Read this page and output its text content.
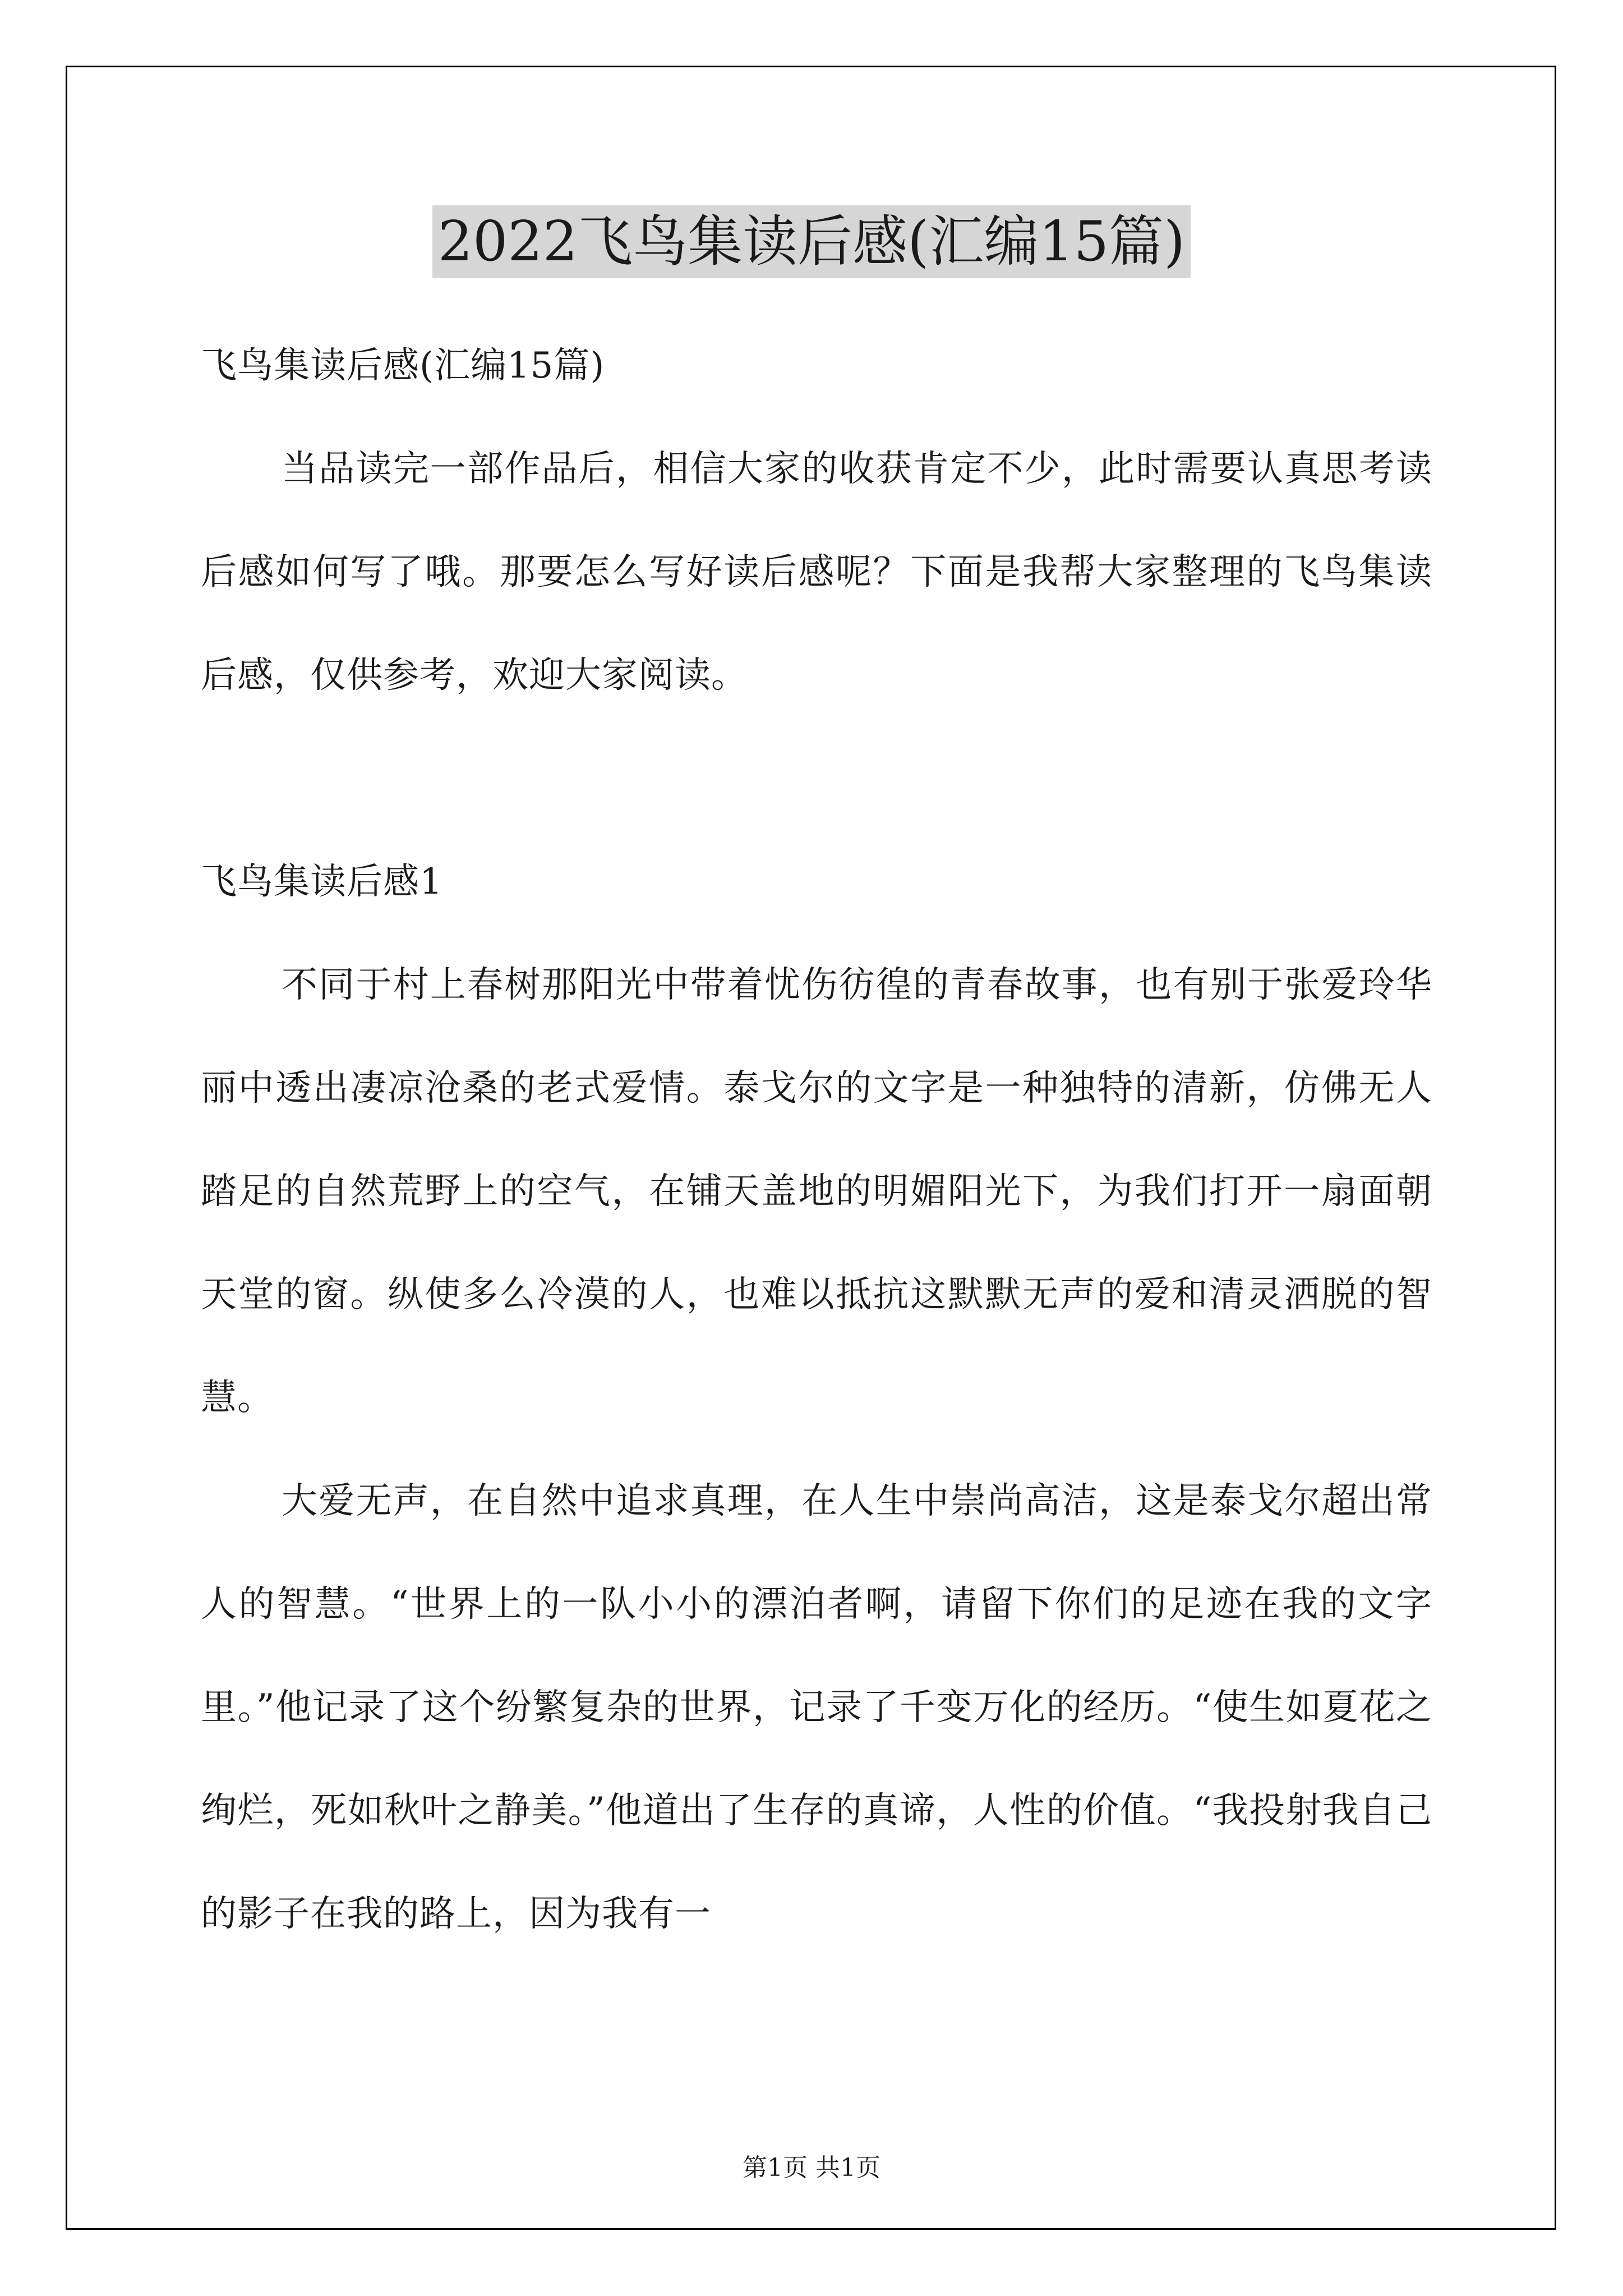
2022飞鸟集读后感(汇编15篇)

飞鸟集读后感(汇编15篇)

当品读完一部作品后，相信大家的收获肯定不少，此时需要认真思考读后感如何写了哦。那要怎么写好读后感呢？下面是我帮大家整理的飞鸟集读后感，仅供参考，欢迎大家阅读。

飞鸟集读后感1

不同于村上春树那阳光中带着忧伤彷徨的青春故事，也有别于张爱玲华丽中透出凄凉沧桑的老式爱情。泰戈尔的文字是一种独特的清新，仿佛无人踏足的自然荒野上的空气，在铺天盖地的明媚阳光下，为我们打开一扇面朝天堂的窗。纵使多么冷漠的人，也难以抵抗这默默无声的爱和清灵洒脱的智慧。

大爱无声，在自然中追求真理，在人生中崇尚高洁，这是泰戈尔超出常人的智慧。“世界上的一队小小的漂泊者啊，请留下你们的足迹在我的文字里。”他记录了这个纷繁复杂的世界，记录了千变万化的经历。“使生如夏花之绚烂，死如秋叶之静美。”他道出了生存的真谛，人性的价值。“我投射我自己的影子在我的路上，因为我有一

第1页 共1页
